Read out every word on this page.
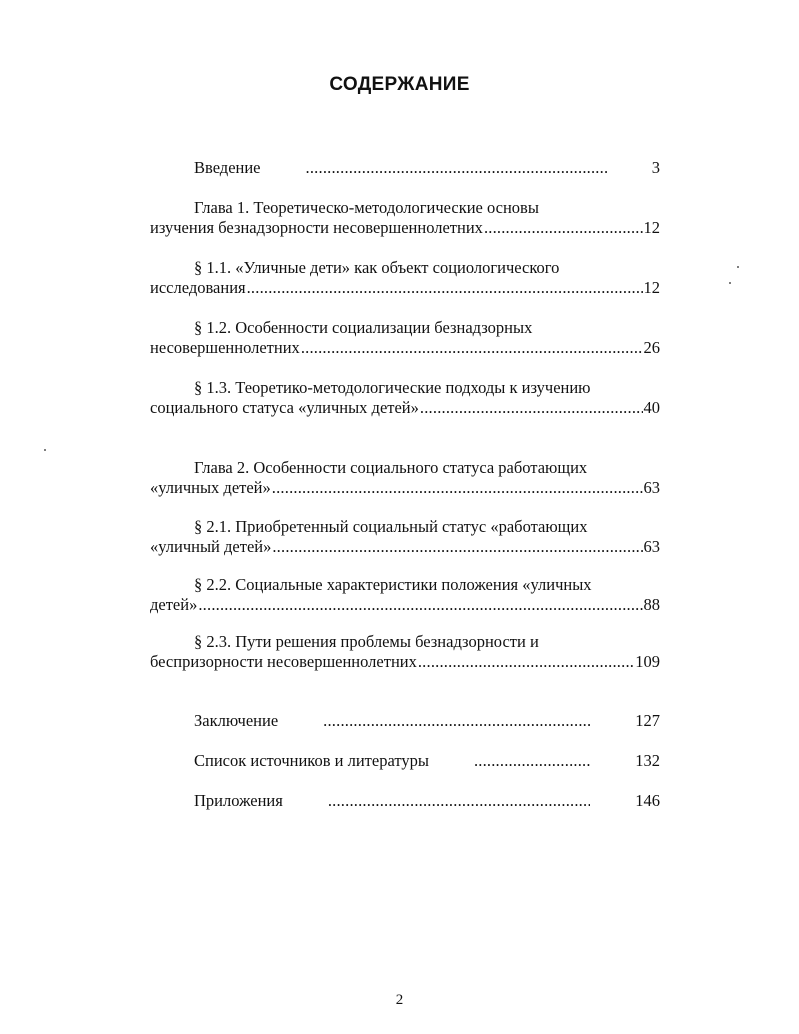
СОДЕРЖАНИЕ
Введение .....	3
Глава 1. Теоретическо-методологические основы
изучения безнадзорности несовершеннолетних .....	12
§ 1.1. «Уличные дети» как объект социологического
исследования .....	12
§ 1.2. Особенности социализации безнадзорных
несовершеннолетних .....	26
§ 1.3. Теоретико-методологические подходы к изучению
социального статуса «уличных детей» .....	40
Глава 2. Особенности социального статуса работающих
«уличных детей» .....	63
§ 2.1. Приобретенный социальный статус «работающих
«уличный детей» .....	63
§ 2.2. Социальные характеристики положения «уличных
детей» .....	88
§ 2.3. Пути решения проблемы безнадзорности и
беспризорности несовершеннолетних .....	109
Заключение .....	127
Список источников и литературы .....	132
Приложения .....	146
2
